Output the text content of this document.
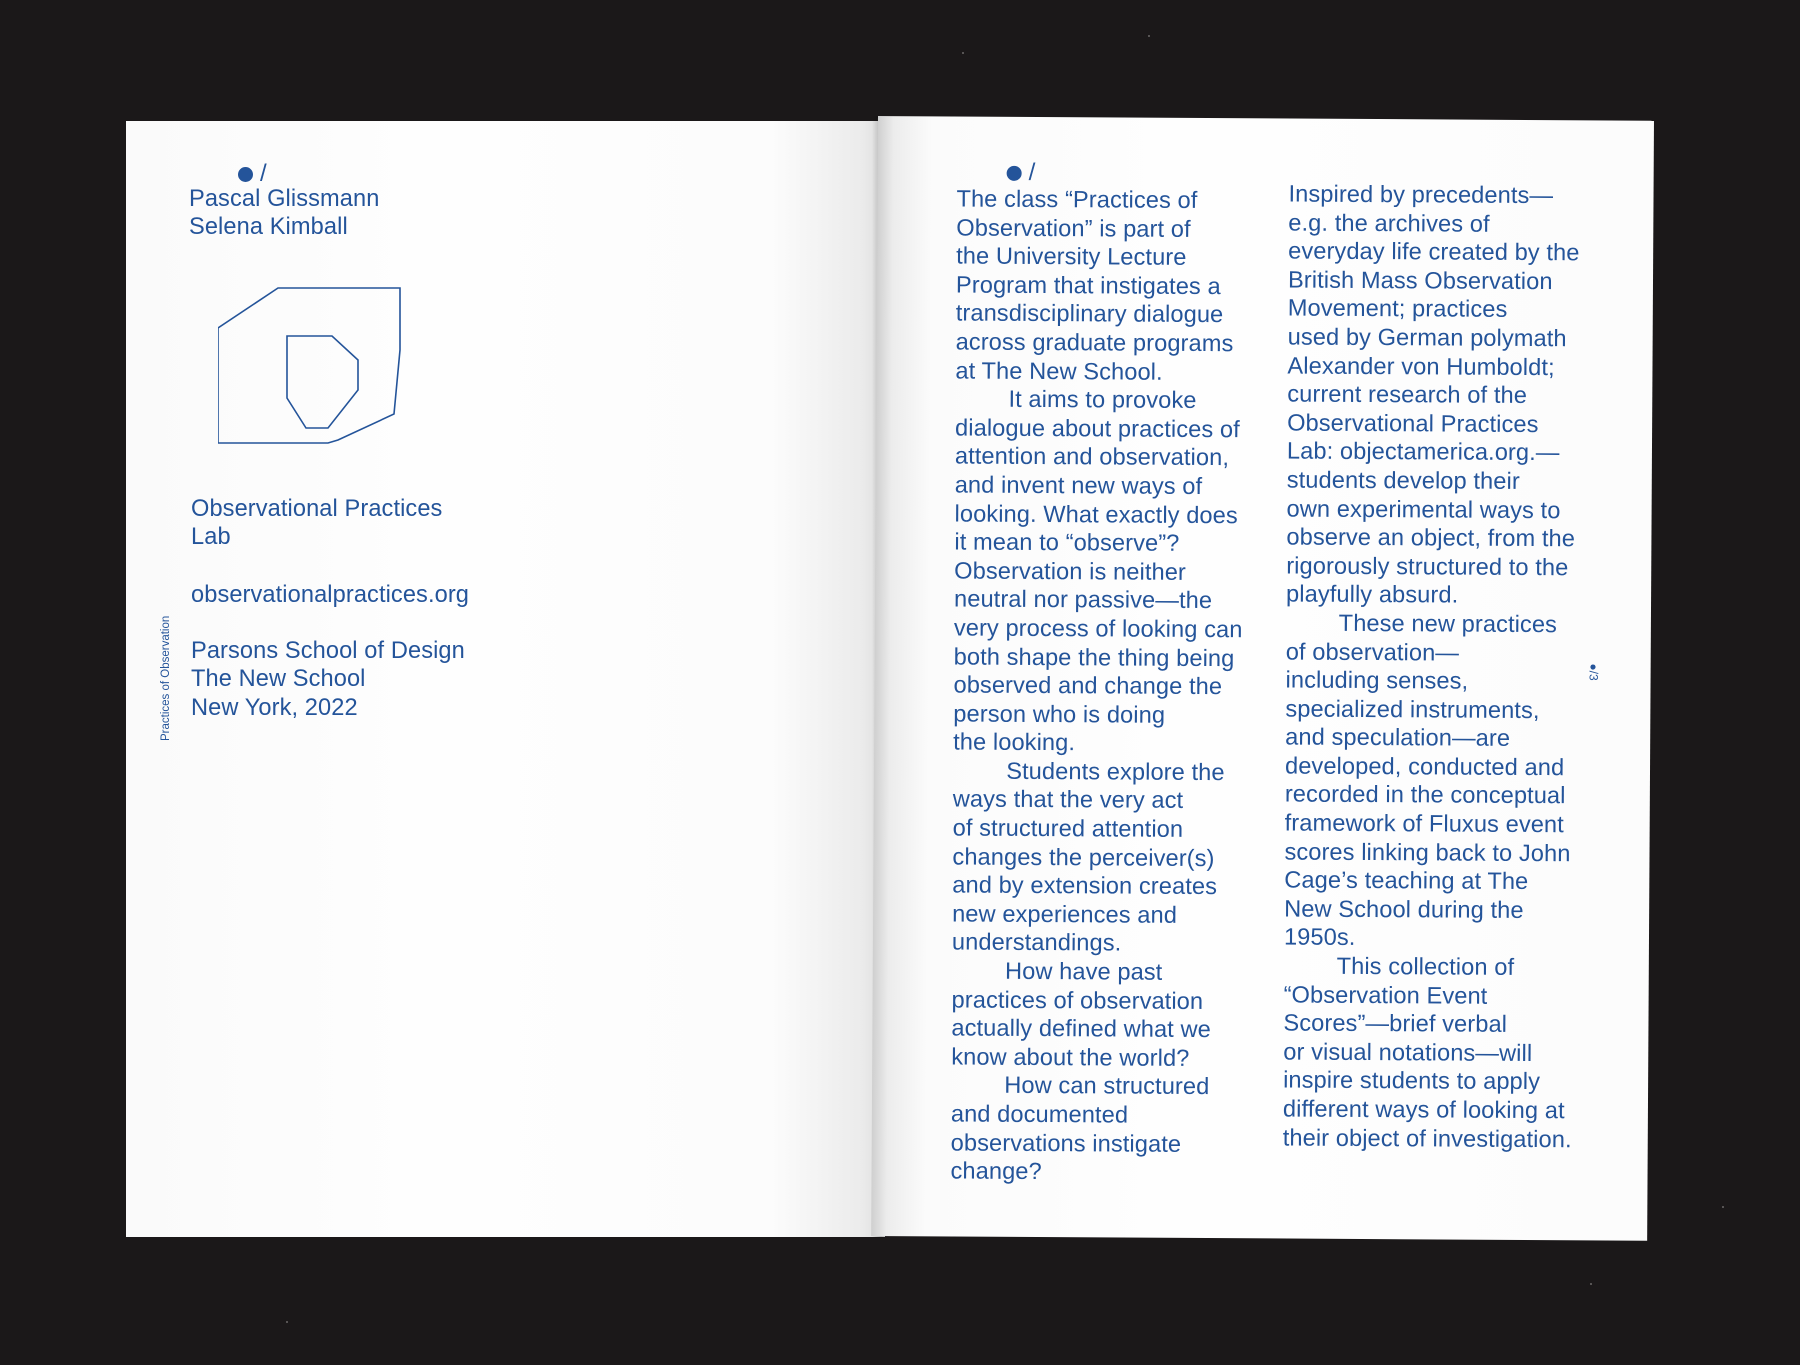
/
Pascal Glissmann
Selena Kimball
Observational Practices
Lab
observationalpractices.org
Parsons School of Design
The New School
New York, 2022
Practices of Observation
/
The class “Practices of
Observation” is part of
the University Lecture
Program that instigates a
transdisciplinary dialogue
across graduate programs
at The New School.
It aims to provoke
dialogue about practices of
attention and observation,
and invent new ways of
looking. What exactly does
it mean to “observe”?
Observation is neither
neutral nor passive—the
very process of looking can
both shape the thing being
observed and change the
person who is doing
the looking.
Students explore the
ways that the very act
of structured attention
changes the perceiver(s)
and by extension creates
new experiences and
understandings.
How have past
practices of observation
actually defined what we
know about the world?
How can structured
and documented
observations instigate
change?
Inspired by precedents—
e.g. the archives of
everyday life created by the
British Mass Observation
Movement; practices
used by German polymath
Alexander von Humboldt;
current research of the
Observational Practices
Lab: objectamerica.org.—
students develop their
own experimental ways to
observe an object, from the
rigorously structured to the
playfully absurd.
These new practices
of observation—
including senses,
specialized instruments,
and speculation—are
developed, conducted and
recorded in the conceptual
framework of Fluxus event
scores linking back to John
Cage’s teaching at The
New School during the
1950s.
This collection of
“Observation Event
Scores”—brief verbal
or visual notations—will
inspire students to apply
different ways of looking at
their object of investigation.
●/3
